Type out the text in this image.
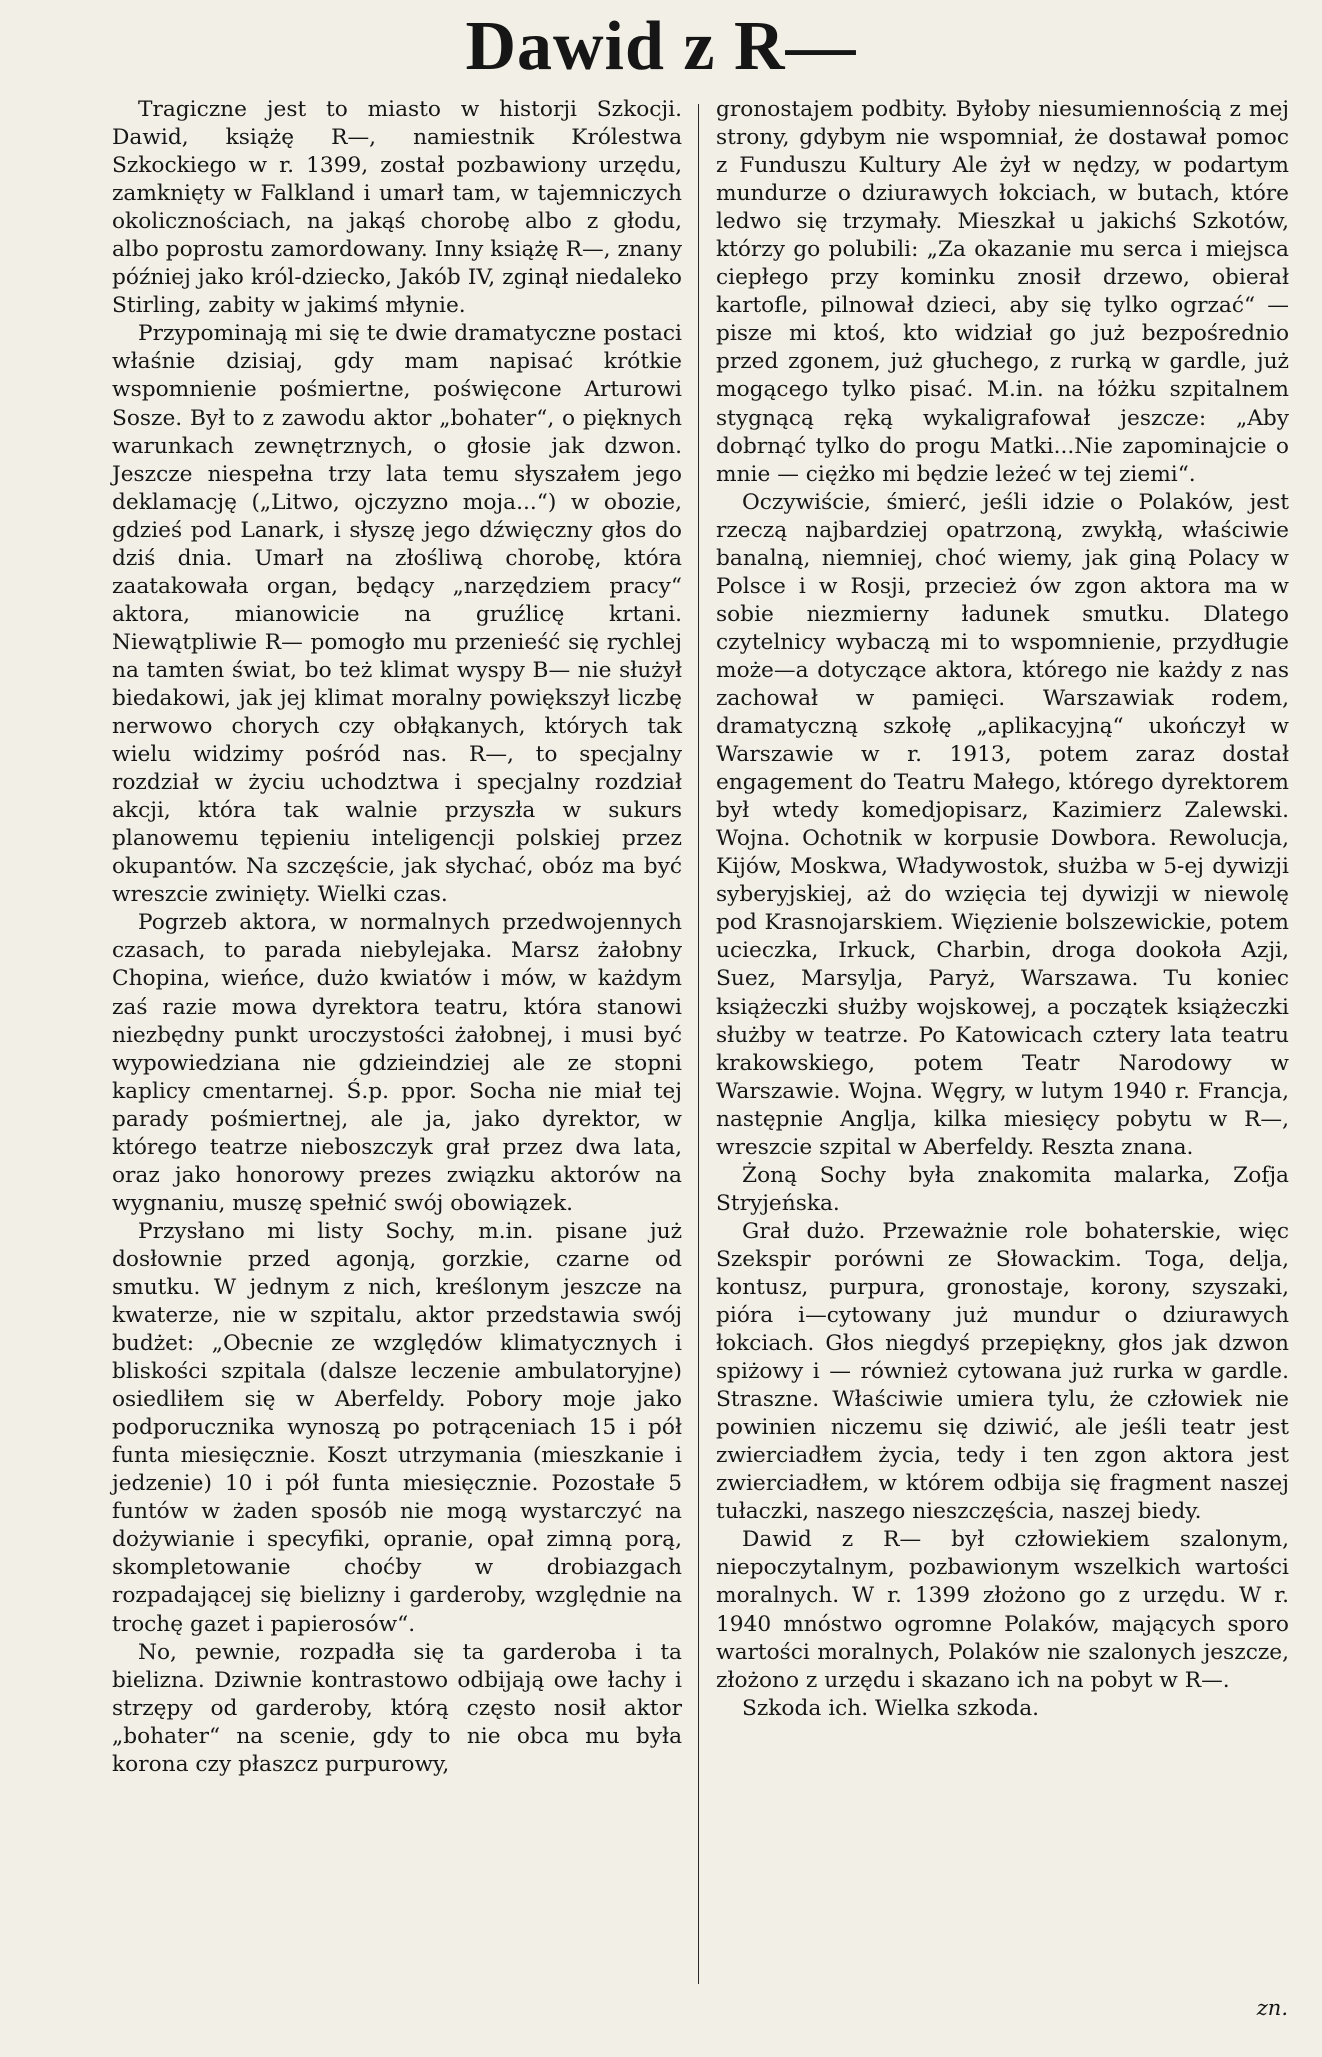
Dawid z R—

Tragiczne jest to miasto w historji Szkocji. Dawid, książę R—, namiestnik Królestwa Szkockiego w r. 1399, został pozbawiony urzędu, zamknięty w Falkland i umarł tam, w tajemniczych okolicznościach, na jakąś chorobę albo z głodu, albo poprostu zamordowany. Inny książę R—, znany później jako król-dziecko, Jakób IV, zginął niedaleko Stirling, zabity w jakimś młynie.

Przypominają mi się te dwie dramatyczne postaci właśnie dzisiaj, gdy mam napisać krótkie wspomnienie pośmiertne, poświęcone Arturowi Sosze. Był to z zawodu aktor „bohater“, o pięknych warunkach zewnętrznych, o głosie jak dzwon. Jeszcze niespełna trzy lata temu słyszałem jego deklamację („Litwo, ojczyzno moja...“) w obozie, gdzieś pod Lanark, i słyszę jego dźwięczny głos do dziś dnia. Umarł na złośliwą chorobę, która zaatakowała organ, będący „narzędziem pracy“ aktora, mianowicie na gruźlicę krtani. Niewątpliwie R— pomogło mu przenieść się rychlej na tamten świat, bo też klimat wyspy B— nie służył biedakowi, jak jej klimat moralny powiększył liczbę nerwowo chorych czy obłąkanych, których tak wielu widzimy pośród nas. R—, to specjalny rozdział w życiu uchodztwa i specjalny rozdział akcji, która tak walnie przyszła w sukurs planowemu tępieniu inteligencji polskiej przez okupantów. Na szczęście, jak słychać, obóz ma być wreszcie zwinięty. Wielki czas.

Pogrzeb aktora, w normalnych przedwojennych czasach, to parada niebylejaka. Marsz żałobny Chopina, wieńce, dużo kwiatów i mów, w każdym zaś razie mowa dyrektora teatru, która stanowi niezbędny punkt uroczystości żałobnej, i musi być wypowiedziana nie gdzieindziej ale ze stopni kaplicy cmentarnej. Ś.p. ppor. Socha nie miał tej parady pośmiertnej, ale ja, jako dyrektor, w którego teatrze nieboszczyk grał przez dwa lata, oraz jako honorowy prezes związku aktorów na wygnaniu, muszę spełnić swój obowiązek.

Przysłano mi listy Sochy, m.in. pisane już dosłownie przed agonją, gorzkie, czarne od smutku. W jednym z nich, kreślonym jeszcze na kwaterze, nie w szpitalu, aktor przedstawia swój budżet: „Obecnie ze względów klimatycznych i bliskości szpitala (dalsze leczenie ambulatoryjne) osiedliłem się w Aberfeldy. Pobory moje jako podporucznika wynoszą po potrąceniach 15 i pół funta miesięcznie. Koszt utrzymania (mieszkanie i jedzenie) 10 i pół funta miesięcznie. Pozostałe 5 funtów w żaden sposób nie mogą wystarczyć na dożywianie i specyfiki, opranie, opał zimną porą, skompletowanie choćby w drobiazgach rozpadającej się bielizny i garderoby, względnie na trochę gazet i papierosów“.

No, pewnie, rozpadła się ta garderoba i ta bielizna. Dziwnie kontrastowo odbijają owe łachy i strzępy od garderoby, którą często nosił aktor „bohater“ na scenie, gdy to nie obca mu była korona czy płaszcz purpurowy,

gronostajem podbity. Byłoby niesumiennością z mej strony, gdybym nie wspomniał, że dostawał pomoc z Funduszu Kultury Ale żył w nędzy, w podartym mundurze o dziurawych łokciach, w butach, które ledwo się trzymały. Mieszkał u jakichś Szkotów, którzy go polubili: „Za okazanie mu serca i miejsca ciepłego przy kominku znosił drzewo, obierał kartofle, pilnował dzieci, aby się tylko ogrzać“ — pisze mi ktoś, kto widział go już bezpośrednio przed zgonem, już głuchego, z rurką w gardle, już mogącego tylko pisać. M.in. na łóżku szpitalnem stygnącą ręką wykaligrafował jeszcze: „Aby dobrnąć tylko do progu Matki...Nie zapominajcie o mnie — ciężko mi będzie leżeć w tej ziemi“.

Oczywiście, śmierć, jeśli idzie o Polaków, jest rzeczą najbardziej opatrzoną, zwykłą, właściwie banalną, niemniej, choć wiemy, jak giną Polacy w Polsce i w Rosji, przecież ów zgon aktora ma w sobie niezmierny ładunek smutku. Dlatego czytelnicy wybaczą mi to wspomnienie, przydługie może—a dotyczące aktora, którego nie każdy z nas zachował w pamięci. Warszawiak rodem, dramatyczną szkołę „aplikacyjną“ ukończył w Warszawie w r. 1913, potem zaraz dostał engagement do Teatru Małego, którego dyrektorem był wtedy komedjopisarz, Kazimierz Zalewski. Wojna. Ochotnik w korpusie Dowbora. Rewolucja, Kijów, Moskwa, Władywostok, służba w 5-ej dywizji syberyjskiej, aż do wzięcia tej dywizji w niewolę pod Krasnojarskiem. Więzienie bolszewickie, potem ucieczka, Irkuck, Charbin, droga dookoła Azji, Suez, Marsylja, Paryż, Warszawa. Tu koniec książeczki służby wojskowej, a początek książeczki służby w teatrze. Po Katowicach cztery lata teatru krakowskiego, potem Teatr Narodowy w Warszawie. Wojna. Węgry, w lutym 1940 r. Francja, następnie Anglja, kilka miesięcy pobytu w R—, wreszcie szpital w Aberfeldy. Reszta znana.

Żoną Sochy była znakomita malarka, Zofja Stryjeńska.

Grał dużo. Przeważnie role bohaterskie, więc Szekspir porówni ze Słowackim. Toga, delja, kontusz, purpura, gronostaje, korony, szyszaki, pióra i—cytowany już mundur o dziurawych łokciach. Głos niegdyś przepiękny, głos jak dzwon spiżowy i — również cytowana już rurka w gardle. Straszne. Właściwie umiera tylu, że człowiek nie powinien niczemu się dziwić, ale jeśli teatr jest zwierciadłem życia, tedy i ten zgon aktora jest zwierciadłem, w którem odbija się fragment naszej tułaczki, naszego nieszczęścia, naszej biedy.

Dawid z R— był człowiekiem szalonym, niepoczytalnym, pozbawionym wszelkich wartości moralnych. W r. 1399 złożono go z urzędu. W r. 1940 mnóstwo ogromne Polaków, mających sporo wartości moralnych, Polaków nie szalonych jeszcze, złożono z urzędu i skazano ich na pobyt w R—.

Szkoda ich. Wielka szkoda.

zn.
